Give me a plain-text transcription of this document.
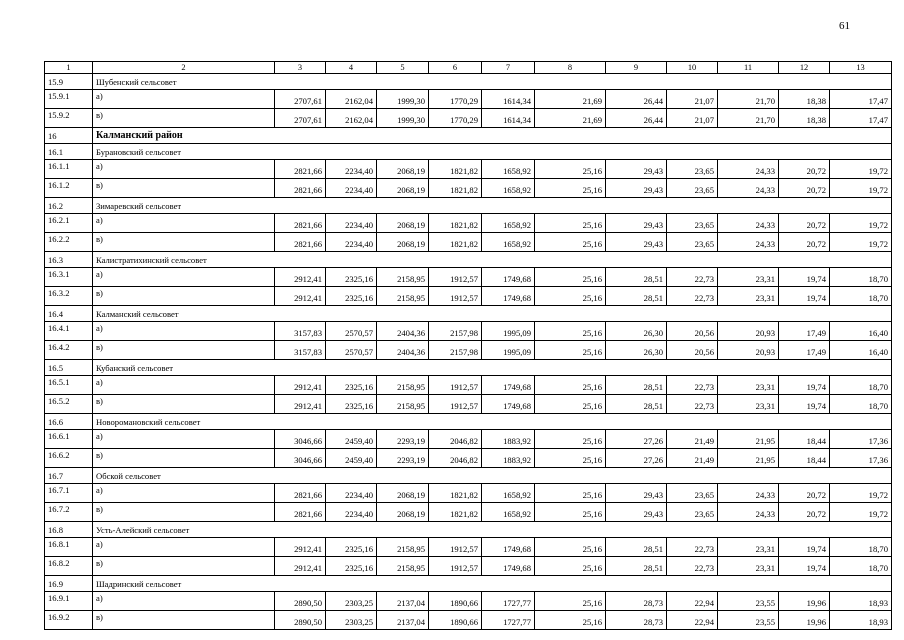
61
1	2	3	4	5	6	7	8	9	10	11	12	13
15.9	Шубенский сельсовет											
15.9.1	а)	2707,61	2162,04	1999,30	1770,29	1614,34	21,69	26,44	21,07	21,70	18,38	17,47
15.9.2	в)	2707,61	2162,04	1999,30	1770,29	1614,34	21,69	26,44	21,07	21,70	18,38	17,47
16	Калманский район											
16.1	Бурановский сельсовет											
16.1.1	а)	2821,66	2234,40	2068,19	1821,82	1658,92	25,16	29,43	23,65	24,33	20,72	19,72
16.1.2	в)	2821,66	2234,40	2068,19	1821,82	1658,92	25,16	29,43	23,65	24,33	20,72	19,72
16.2	Зимаревский сельсовет											
16.2.1	а)	2821,66	2234,40	2068,19	1821,82	1658,92	25,16	29,43	23,65	24,33	20,72	19,72
16.2.2	в)	2821,66	2234,40	2068,19	1821,82	1658,92	25,16	29,43	23,65	24,33	20,72	19,72
16.3	Калистратихинский сельсовет											
16.3.1	а)	2912,41	2325,16	2158,95	1912,57	1749,68	25,16	28,51	22,73	23,31	19,74	18,70
16.3.2	в)	2912,41	2325,16	2158,95	1912,57	1749,68	25,16	28,51	22,73	23,31	19,74	18,70
16.4	Калманский сельсовет											
16.4.1	а)	3157,83	2570,57	2404,36	2157,98	1995,09	25,16	26,30	20,56	20,93	17,49	16,40
16.4.2	в)	3157,83	2570,57	2404,36	2157,98	1995,09	25,16	26,30	20,56	20,93	17,49	16,40
16.5	Кубанский сельсовет											
16.5.1	а)	2912,41	2325,16	2158,95	1912,57	1749,68	25,16	28,51	22,73	23,31	19,74	18,70
16.5.2	в)	2912,41	2325,16	2158,95	1912,57	1749,68	25,16	28,51	22,73	23,31	19,74	18,70
16.6	Новоромановский сельсовет											
16.6.1	а)	3046,66	2459,40	2293,19	2046,82	1883,92	25,16	27,26	21,49	21,95	18,44	17,36
16.6.2	в)	3046,66	2459,40	2293,19	2046,82	1883,92	25,16	27,26	21,49	21,95	18,44	17,36
16.7	Обской сельсовет											
16.7.1	а)	2821,66	2234,40	2068,19	1821,82	1658,92	25,16	29,43	23,65	24,33	20,72	19,72
16.7.2	в)	2821,66	2234,40	2068,19	1821,82	1658,92	25,16	29,43	23,65	24,33	20,72	19,72
16.8	Усть-Алейский сельсовет											
16.8.1	а)	2912,41	2325,16	2158,95	1912,57	1749,68	25,16	28,51	22,73	23,31	19,74	18,70
16.8.2	в)	2912,41	2325,16	2158,95	1912,57	1749,68	25,16	28,51	22,73	23,31	19,74	18,70
16.9	Шадринский сельсовет											
16.9.1	а)	2890,50	2303,25	2137,04	1890,66	1727,77	25,16	28,73	22,94	23,55	19,96	18,93
16.9.2	в)	2890,50	2303,25	2137,04	1890,66	1727,77	25,16	28,73	22,94	23,55	19,96	18,93
